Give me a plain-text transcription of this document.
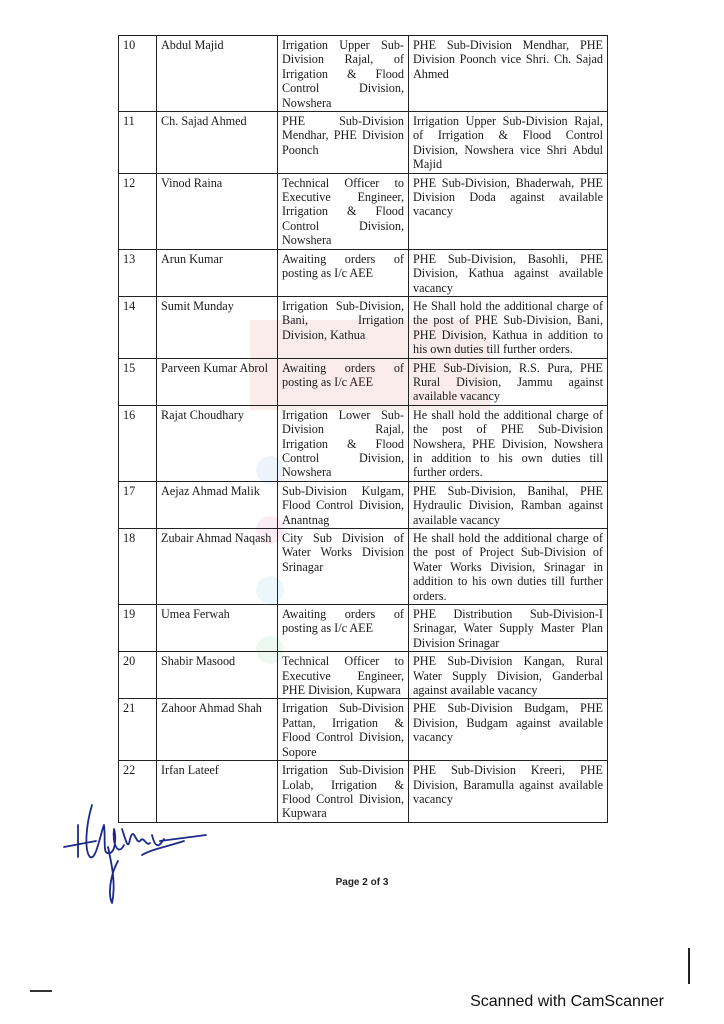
10	Abdul Majid	Irrigation Upper Sub-Division Rajal, of Irrigation & Flood Control Division, Nowshera	PHE Sub-Division Mendhar, PHE Division Poonch vice Shri. Ch. Sajad Ahmed
11	Ch. Sajad Ahmed	PHE Sub-Division Mendhar, PHE Division Poonch	Irrigation Upper Sub-Division Rajal, of Irrigation & Flood Control Division, Nowshera vice Shri Abdul Majid
12	Vinod Raina	Technical Officer to Executive Engineer, Irrigation & Flood Control Division, Nowshera	PHE Sub-Division, Bhaderwah, PHE Division Doda against available vacancy
13	Arun Kumar	Awaiting orders of posting as I/c AEE	PHE Sub-Division, Basohli, PHE Division, Kathua against available vacancy
14	Sumit Munday	Irrigation Sub-Division, Bani, Irrigation Division, Kathua	He Shall hold the additional charge of the post of PHE Sub-Division, Bani, PHE Division, Kathua in addition to his own duties till further orders.
15	Parveen Kumar Abrol	Awaiting orders of posting as I/c AEE	PHE Sub-Division, R.S. Pura, PHE Rural Division, Jammu against available vacancy
16	Rajat Choudhary	Irrigation Lower Sub-Division Rajal, Irrigation & Flood Control Division, Nowshera	He shall hold the additional charge of the post of PHE Sub-Division Nowshera, PHE Division, Nowshera in addition to his own duties till further orders.
17	Aejaz Ahmad Malik	Sub-Division Kulgam, Flood Control Division, Anantnag	PHE Sub-Division, Banihal, PHE Hydraulic Division, Ramban against available vacancy
18	Zubair Ahmad Naqash	City Sub Division of Water Works Division Srinagar	He shall hold the additional charge of the post of Project Sub-Division of Water Works Division, Srinagar in addition to his own duties till further orders.
19	Umea Ferwah	Awaiting orders of posting as I/c AEE	PHE Distribution Sub-Division-I Srinagar, Water Supply Master Plan Division Srinagar
20	Shabir Masood	Technical Officer to Executive Engineer, PHE Division, Kupwara	PHE Sub-Division Kangan, Rural Water Supply Division, Ganderbal against available vacancy
21	Zahoor Ahmad Shah	Irrigation Sub-Division Pattan, Irrigation & Flood Control Division, Sopore	PHE Sub-Division Budgam, PHE Division, Budgam against available vacancy
22	Irfan Lateef	Irrigation Sub-Division Lolab, Irrigation & Flood Control Division, Kupwara	PHE Sub-Division Kreeri, PHE Division, Baramulla against available vacancy
Page 2 of 3
Scanned with CamScanner
